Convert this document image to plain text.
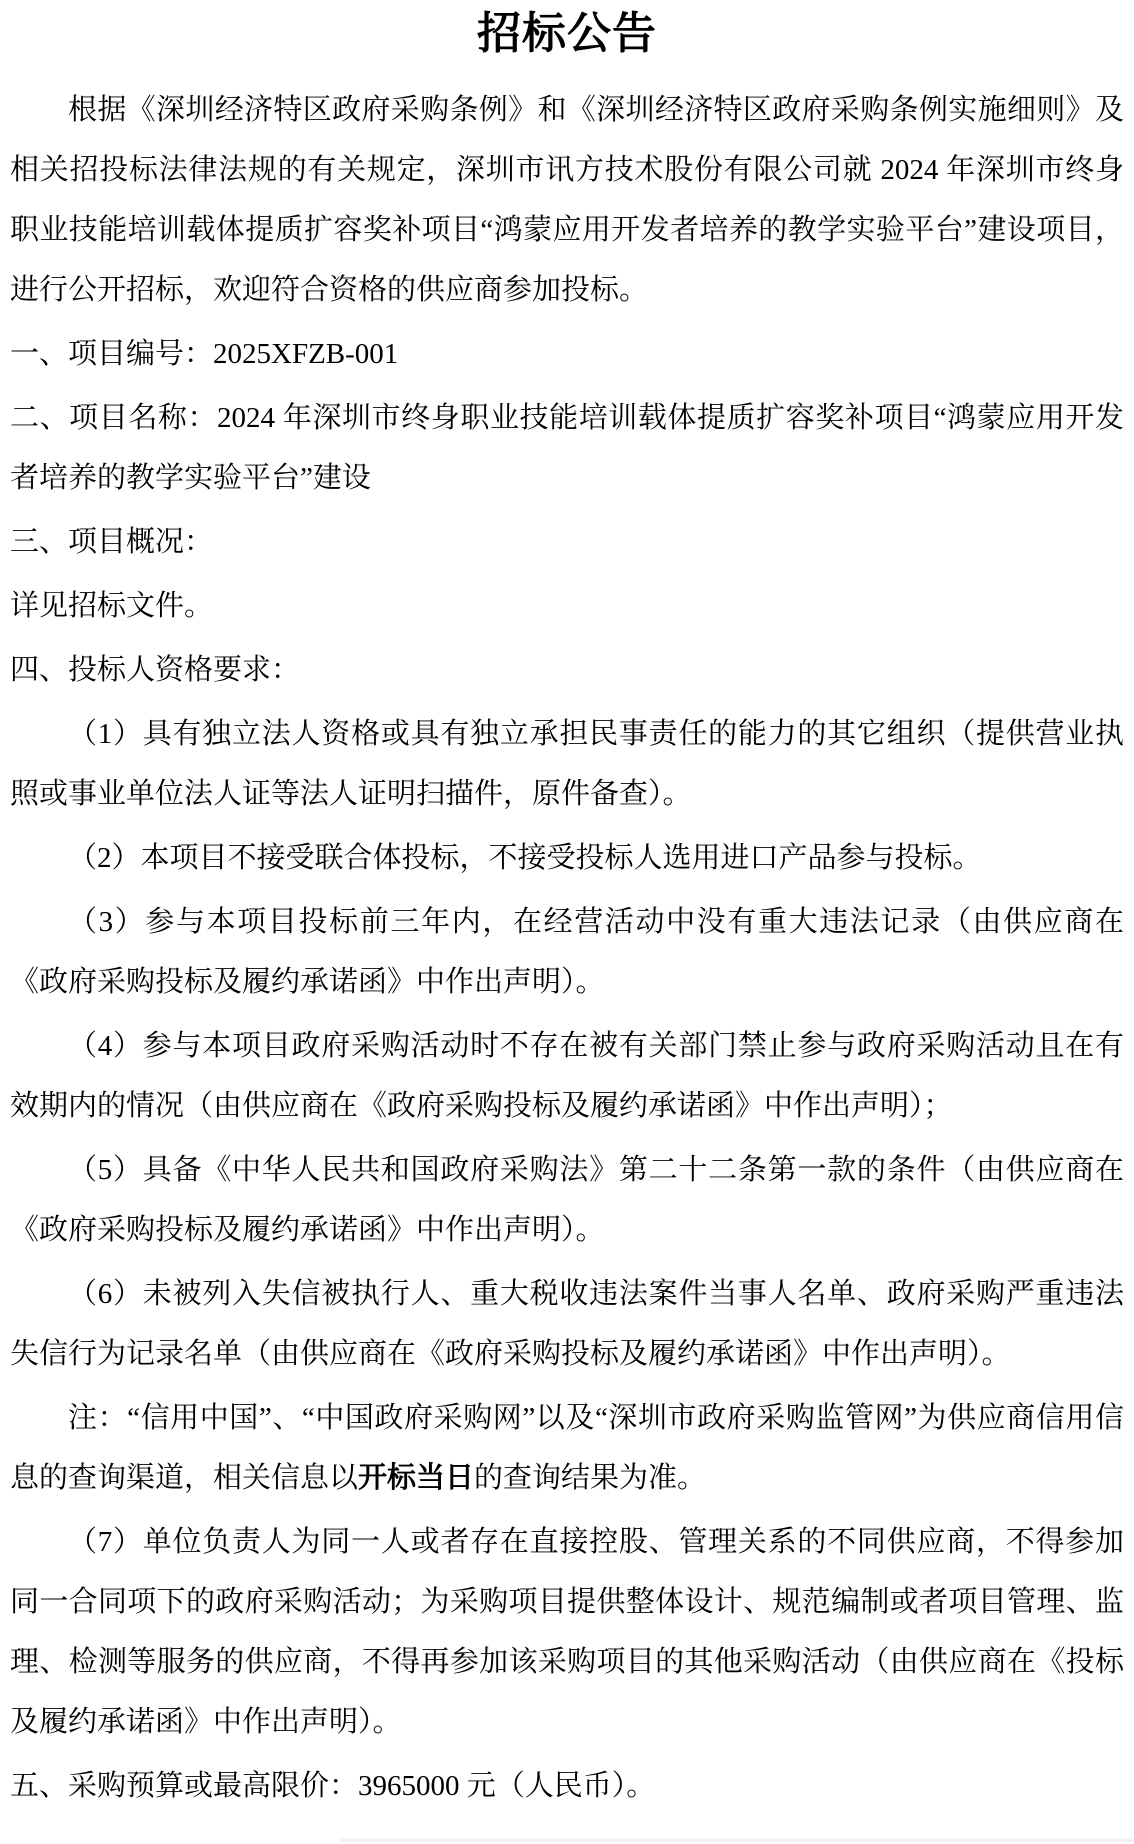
招标公告

根据《深圳经济特区政府采购条例》和《深圳经济特区政府采购条例实施细则》及相关招投标法律法规的有关规定，深圳市讯方技术股份有限公司就 2024 年深圳市终身职业技能培训载体提质扩容奖补项目“鸿蒙应用开发者培养的教学实验平台”建设项目，进行公开招标，欢迎符合资格的供应商参加投标。

一、项目编号：2025XFZB-001

二、项目名称：2024 年深圳市终身职业技能培训载体提质扩容奖补项目“鸿蒙应用开发者培养的教学实验平台”建设

三、项目概况：

详见招标文件。

四、投标人资格要求：

（1）具有独立法人资格或具有独立承担民事责任的能力的其它组织（提供营业执照或事业单位法人证等法人证明扫描件，原件备查）。

（2）本项目不接受联合体投标，不接受投标人选用进口产品参与投标。

（3）参与本项目投标前三年内，在经营活动中没有重大违法记录（由供应商在《政府采购投标及履约承诺函》中作出声明）。

（4）参与本项目政府采购活动时不存在被有关部门禁止参与政府采购活动且在有效期内的情况（由供应商在《政府采购投标及履约承诺函》中作出声明）；

（5）具备《中华人民共和国政府采购法》第二十二条第一款的条件（由供应商在《政府采购投标及履约承诺函》中作出声明）。

（6）未被列入失信被执行人、重大税收违法案件当事人名单、政府采购严重违法失信行为记录名单（由供应商在《政府采购投标及履约承诺函》中作出声明）。

注：“信用中国”、“中国政府采购网”以及“深圳市政府采购监管网”为供应商信用信息的查询渠道，相关信息以开标当日的查询结果为准。

（7）单位负责人为同一人或者存在直接控股、管理关系的不同供应商，不得参加同一合同项下的政府采购活动；为采购项目提供整体设计、规范编制或者项目管理、监理、检测等服务的供应商，不得再参加该采购项目的其他采购活动（由供应商在《投标及履约承诺函》中作出声明）。

五、采购预算或最高限价：3965000 元（人民币）。
